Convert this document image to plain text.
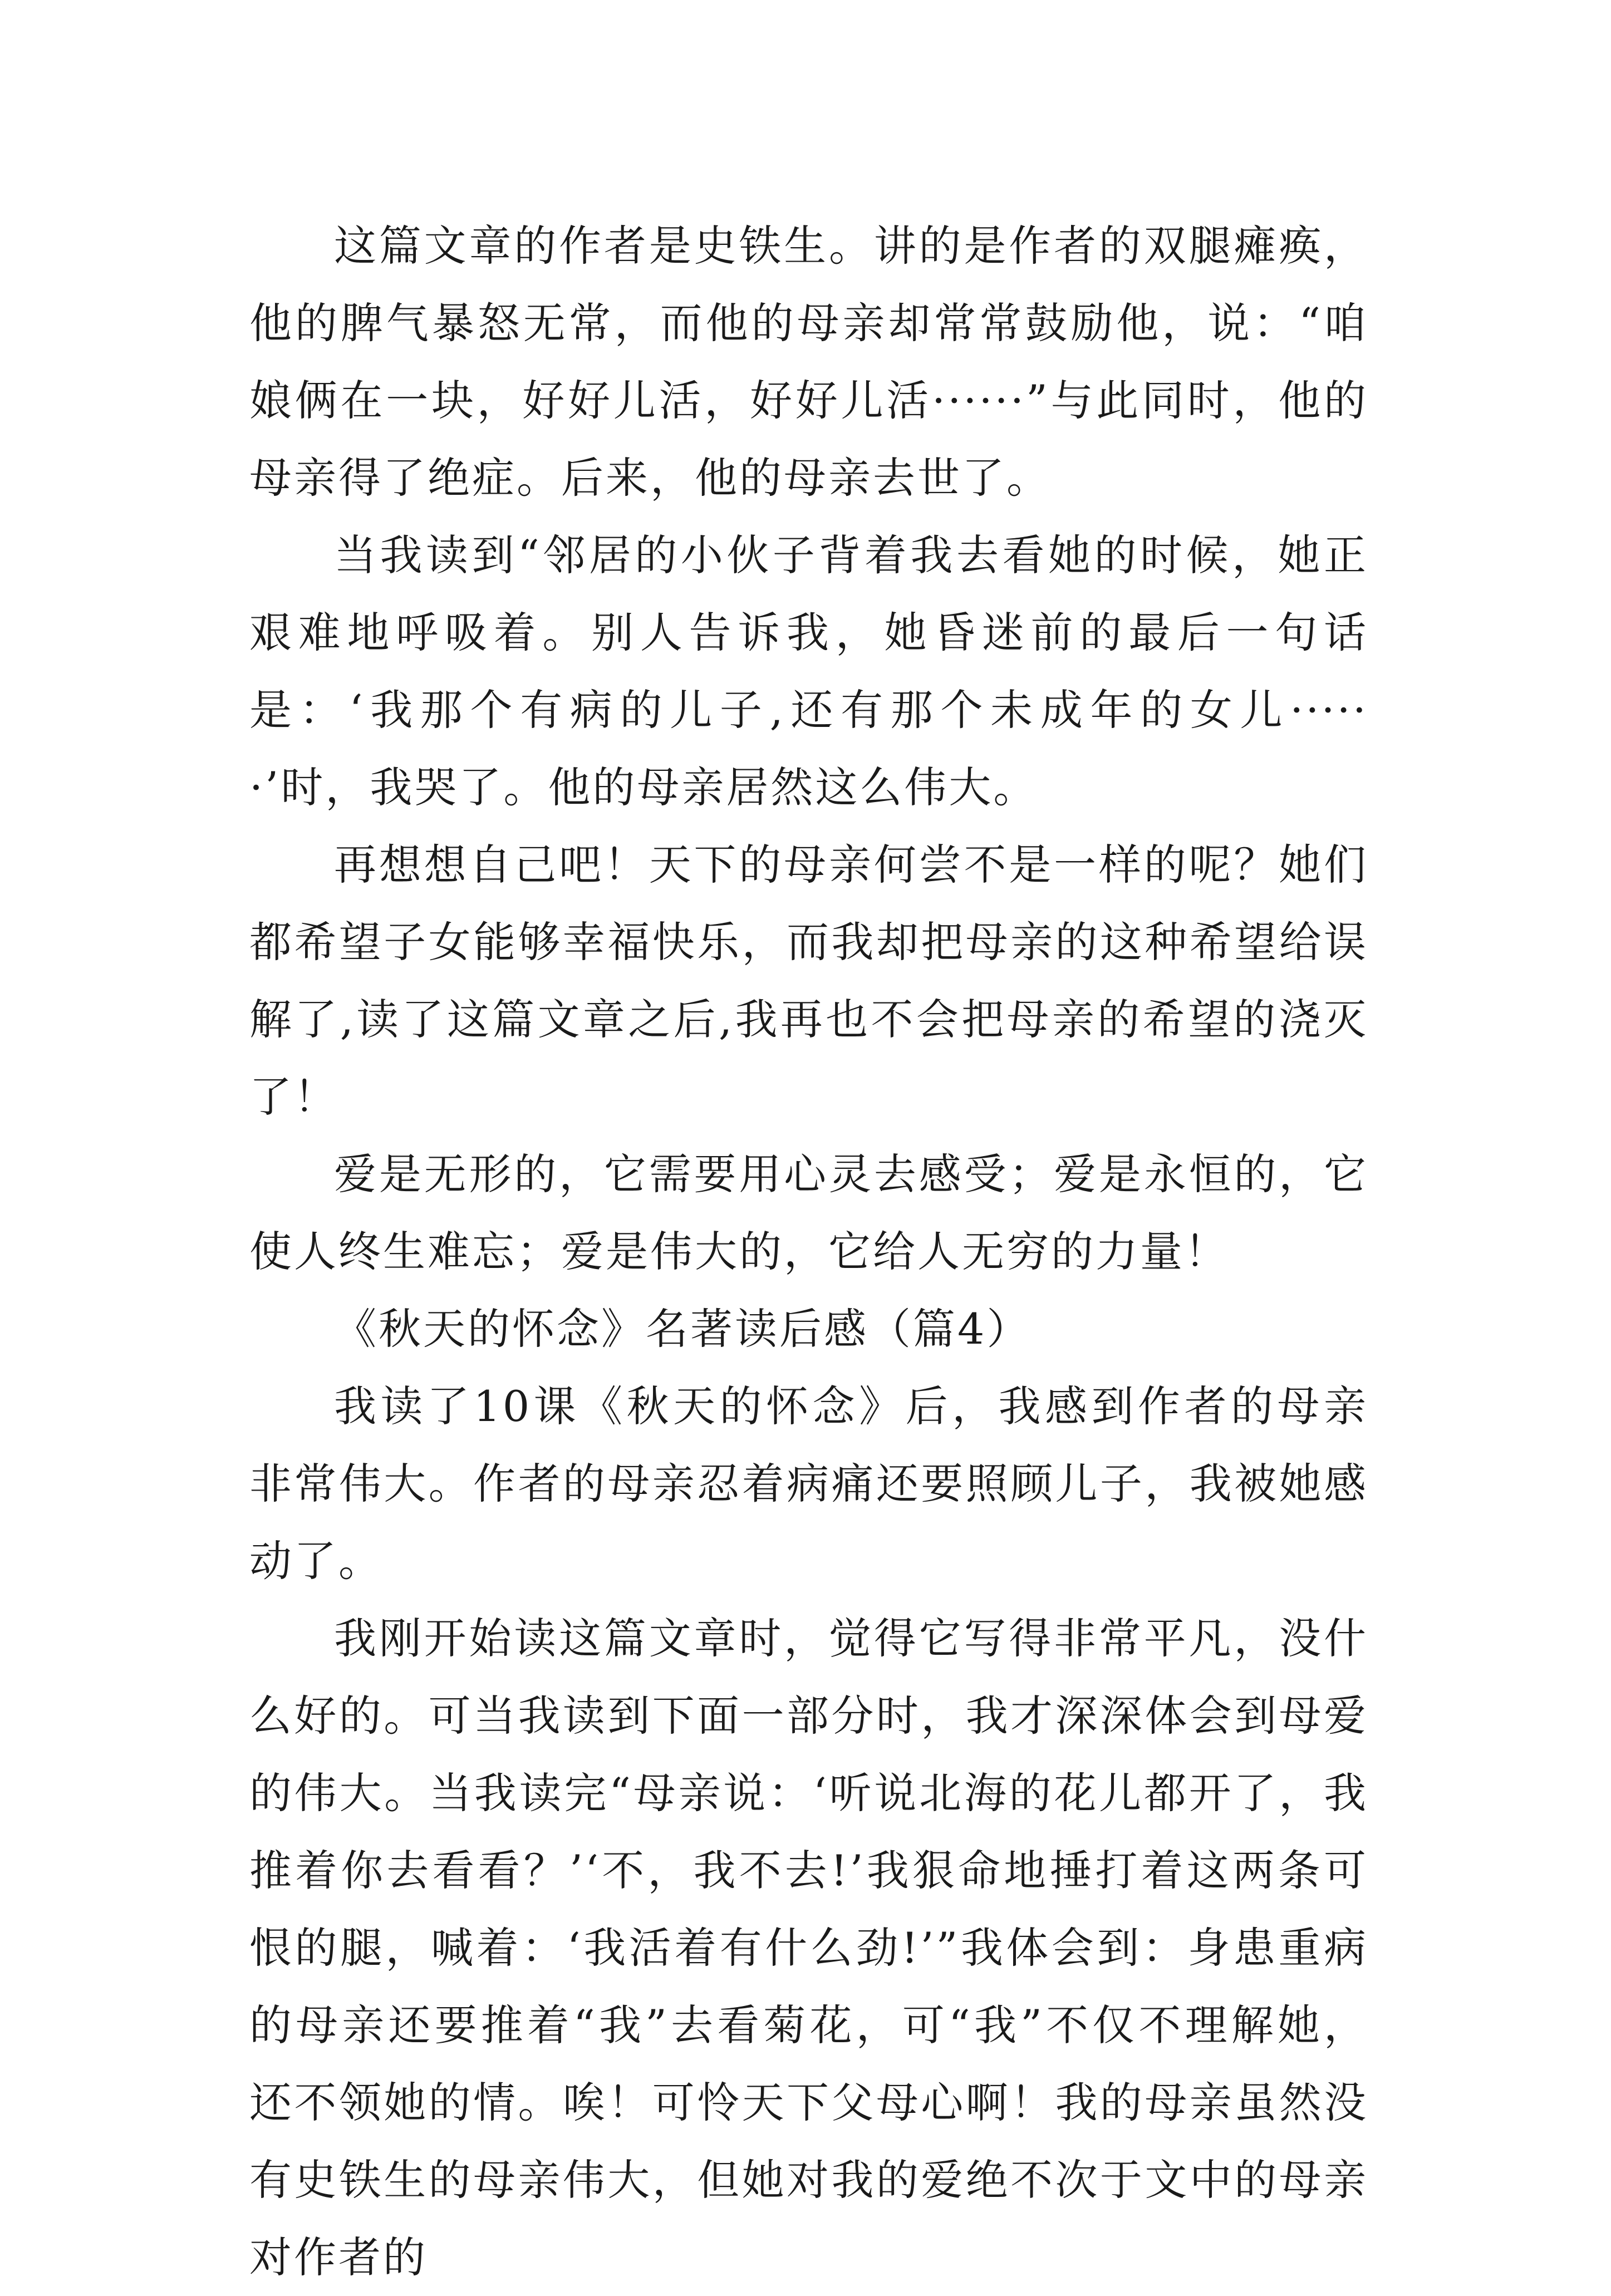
这篇文章的作者是史铁生。讲的是作者的双腿瘫痪，他的脾气暴怒无常，而他的母亲却常常鼓励他，说：“咱娘俩在一块，好好儿活，好好儿活······”与此同时，他的母亲得了绝症。后来，他的母亲去世了。

当我读到“邻居的小伙子背着我去看她的时候，她正艰难地呼吸着。别人告诉我，她昏迷前的最后一句话是：‘我那个有病的儿子,还有那个未成年的女儿······’时，我哭了。他的母亲居然这么伟大。

再想想自己吧！天下的母亲何尝不是一样的呢？她们都希望子女能够幸福快乐，而我却把母亲的这种希望给误解了,读了这篇文章之后,我再也不会把母亲的希望的浇灭了！

爱是无形的，它需要用心灵去感受；爱是永恒的，它使人终生难忘；爱是伟大的，它给人无穷的力量！

《秋天的怀念》名著读后感（篇4）

我读了10课《秋天的怀念》后，我感到作者的母亲非常伟大。作者的母亲忍着病痛还要照顾儿子，我被她感动了。

我刚开始读这篇文章时，觉得它写得非常平凡，没什么好的。可当我读到下面一部分时，我才深深体会到母爱的伟大。当我读完“母亲说：‘听说北海的花儿都开了，我推着你去看看？’‘不，我不去!’我狠命地捶打着这两条可恨的腿，喊着：‘我活着有什么劲!’”我体会到：身患重病的母亲还要推着“我”去看菊花，可“我”不仅不理解她，还不领她的情。唉！可怜天下父母心啊！我的母亲虽然没有史铁生的母亲伟大，但她对我的爱绝不次于文中的母亲对作者的
